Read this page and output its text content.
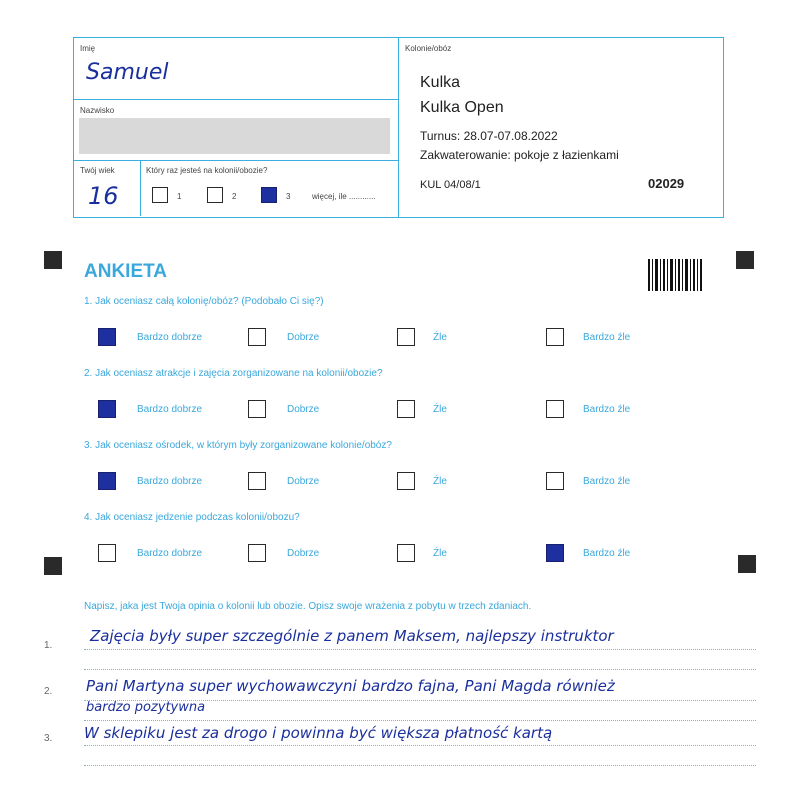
Imię
Samuel
Nazwisko
Twój wiek
16
Który raz jesteś na kolonii/obozie?
1	2	3	więcej, ile ............
Kolonie/obóz
Kulka
Kulka Open
Turnus: 28.07-07.08.2022
Zakwaterowanie: pokoje z łazienkami
KUL 04/08/1	02029
ANKIETA
1. Jak oceniasz całą kolonię/obóz? (Podobało Ci się?)
Bardzo dobrze	Dobrze	Źle	Bardzo źle
2. Jak oceniasz atrakcje i zajęcia zorganizowane na kolonii/obozie?
Bardzo dobrze	Dobrze	Źle	Bardzo źle
3. Jak oceniasz ośrodek, w którym były zorganizowane kolonie/obóz?
Bardzo dobrze	Dobrze	Źle	Bardzo źle
4. Jak oceniasz jedzenie podczas kolonii/obozu?
Bardzo dobrze	Dobrze	Źle	Bardzo źle
Napisz, jaka jest Twoja opinia o kolonii lub obozie. Opisz swoje wrażenia z pobytu w trzech zdaniach.
1.
Zajęcia były super szczególnie z panem Maksem, najlepszy instruktor
2. Pani Martyna super wychowawczyni bardzo fajna, Pani Magda również
bardzo pozytywna
3. W sklepiku jest za drogo i powinna być większa płatność kartą
